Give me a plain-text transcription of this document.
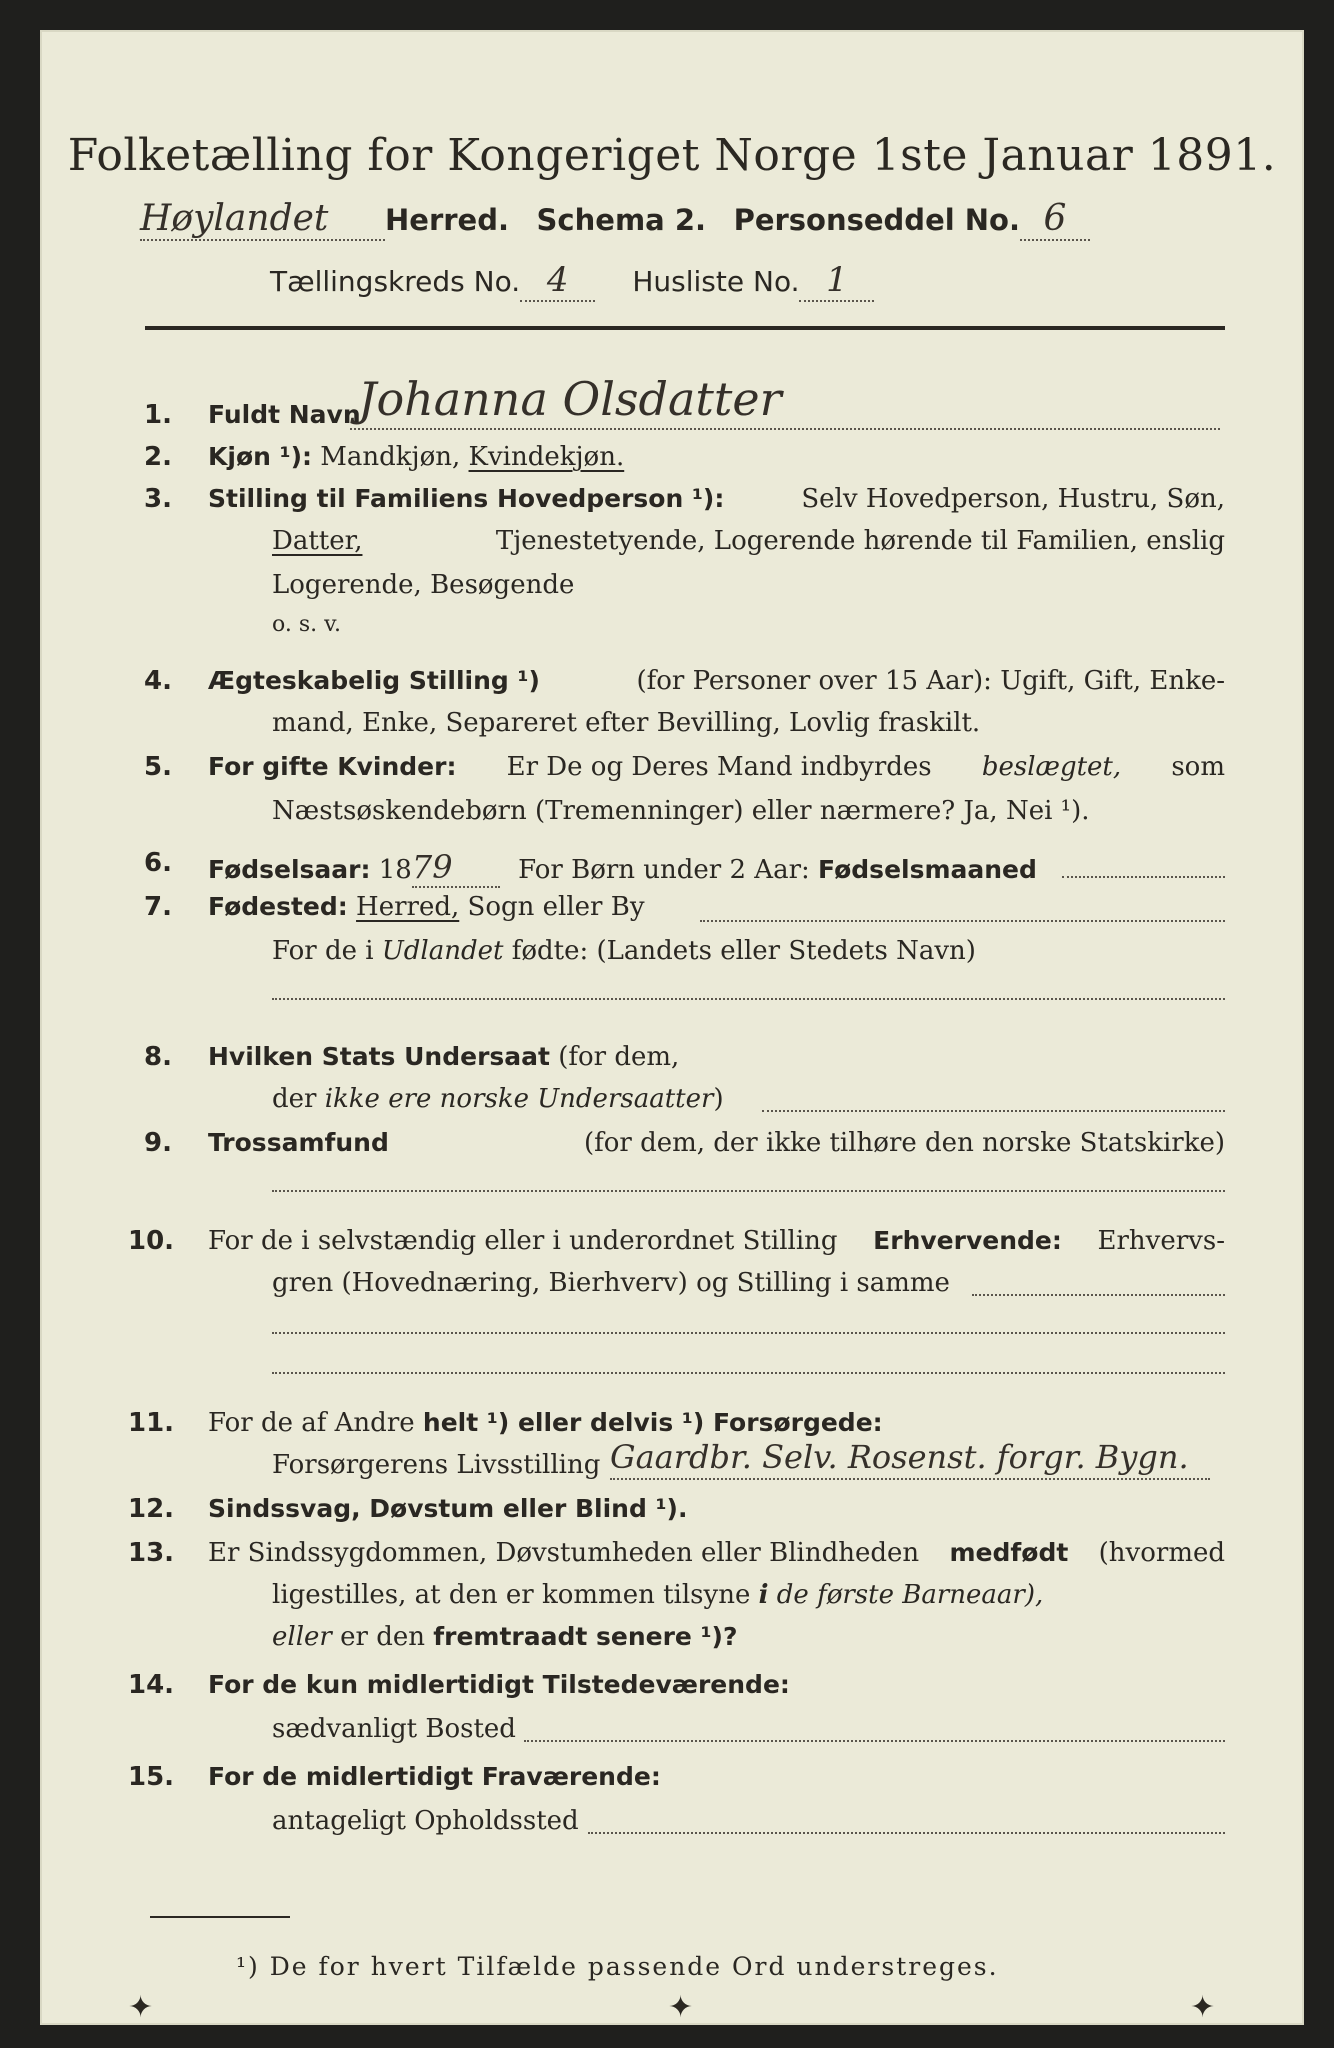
Folketælling for Kongeriget Norge 1ste Januar 1891.
Høylandet Herred. Schema 2. Personseddel No. 6
Tællingskreds No. 4 Husliste No. 1
1. Fuldt Navn
Johanna Olsdatter
2. Kjøn ¹): Mandkjøn, Kvindekjøn.
3. Stilling til Familiens Hovedperson ¹):	Selv Hovedperson, Hustru, Søn,
Datter,	Tjenestetyende, Logerende hørende til Familien, enslig
Logerende, Besøgende
o. s. v.
4. Ægteskabelig Stilling ¹)	(for Personer over 15 Aar): Ugift, Gift, Enke-
mand, Enke, Separeret efter Bevilling, Lovlig fraskilt.
5. For gifte Kvinder: Er De og Deres Mand indbyrdes beslægtet, som
Næstsøskendebørn (Tremenninger) eller nærmere? Ja, Nei ¹).
6. Fødselsaar: 1879	For Børn under 2 Aar: Fødselsmaaned
7. Fødested: Herred, Sogn eller By
For de i Udlandet fødte: (Landets eller Stedets Navn)
8. Hvilken Stats Undersaat (for dem,
der ikke ere norske Undersaatter)
9. Trossamfund	(for dem, der ikke tilhøre den norske Statskirke)
10. For de i selvstændig eller i underordnet Stilling Erhvervende: Erhvervs-
gren (Hovednæring, Bierhverv) og Stilling i samme
11. For de af Andre helt ¹) eller delvis ¹) Forsørgede:
Forsørgerens Livsstilling Gaardbr. Selv. Rosenst. forgr. Bygn.
12. Sindssvag, Døvstum eller Blind ¹).
13. Er Sindssygdommen, Døvstumheden eller Blindheden medfødt (hvormed
ligestilles, at den er kommen tilsyne i de første Barneaar),
eller er den fremtraadt senere ¹)?
14. For de kun midlertidigt Tilstedeværende:
sædvanligt Bosted
15. For de midlertidigt Fraværende:
antageligt Opholdssted
¹) De for hvert Tilfælde passende Ord understreges.
✦	✦	✦
